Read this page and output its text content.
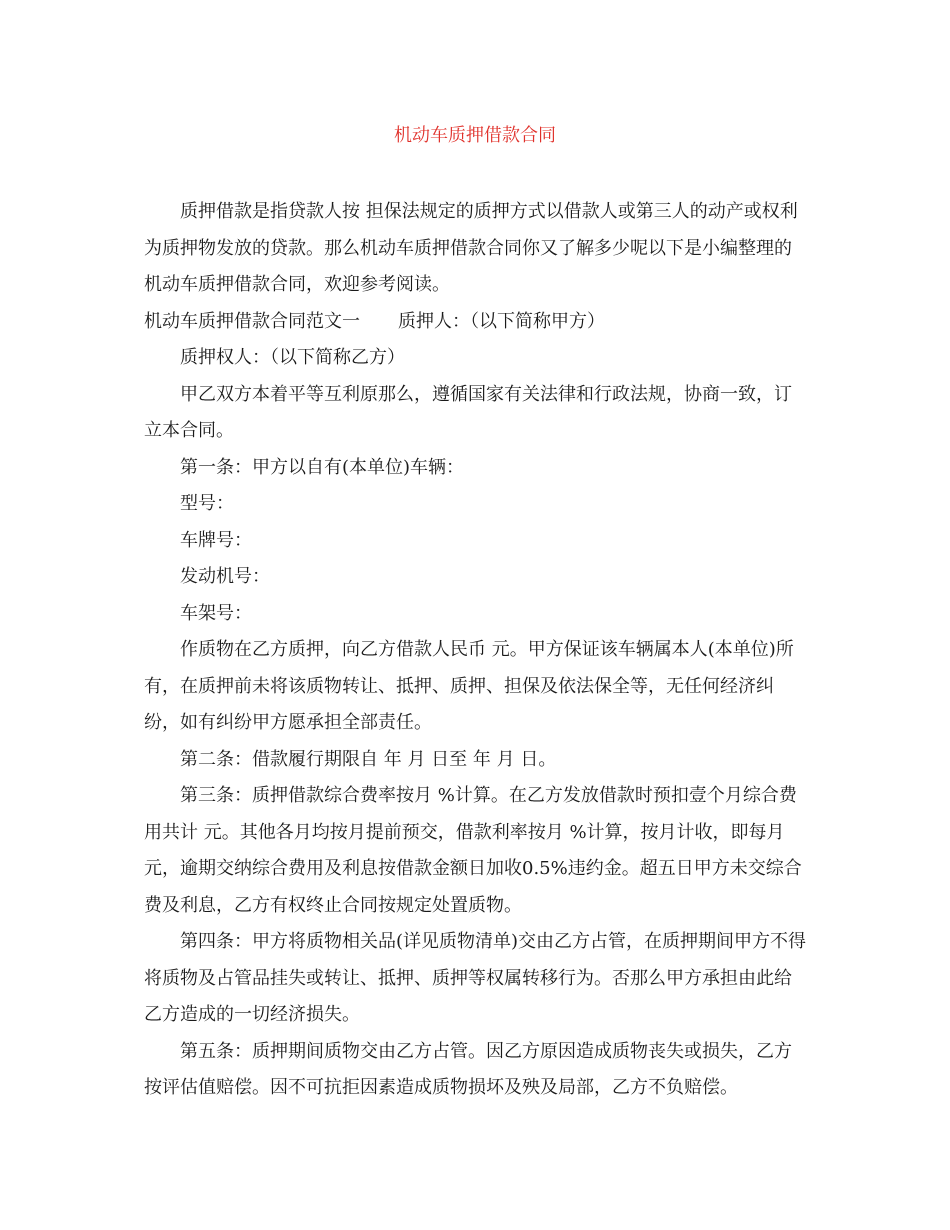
机动车质押借款合同

质押借款是指贷款人按 担保法规定的质押方式以借款人或第三人的动产或权利为质押物发放的贷款。那么机动车质押借款合同你又了解多少呢以下是小编整理的机动车质押借款合同，欢迎参考阅读。

机动车质押借款合同范文一 质押人：（以下简称甲方）

质押权人：（以下简称乙方）

甲乙双方本着平等互利原那么，遵循国家有关法律和行政法规，协商一致，订立本合同。

第一条：甲方以自有(本单位)车辆：

型号：

车牌号：

发动机号：

车架号：

作质物在乙方质押，向乙方借款人民币 元。甲方保证该车辆属本人(本单位)所有，在质押前未将该质物转让、抵押、质押、担保及依法保全等，无任何经济纠纷，如有纠纷甲方愿承担全部责任。

第二条：借款履行期限自 年 月 日至 年 月 日。

第三条：质押借款综合费率按月 %计算。在乙方发放借款时预扣壹个月综合费用共计 元。其他各月均按月提前预交，借款利率按月 %计算，按月计收，即每月 元，逾期交纳综合费用及利息按借款金额日加收0.5%违约金。超五日甲方未交综合费及利息，乙方有权终止合同按规定处置质物。

第四条：甲方将质物相关品(详见质物清单)交由乙方占管，在质押期间甲方不得将质物及占管品挂失或转让、抵押、质押等权属转移行为。否那么甲方承担由此给乙方造成的一切经济损失。

第五条：质押期间质物交由乙方占管。因乙方原因造成质物丧失或损失，乙方按评估值赔偿。因不可抗拒因素造成质物损坏及殃及局部，乙方不负赔偿。
